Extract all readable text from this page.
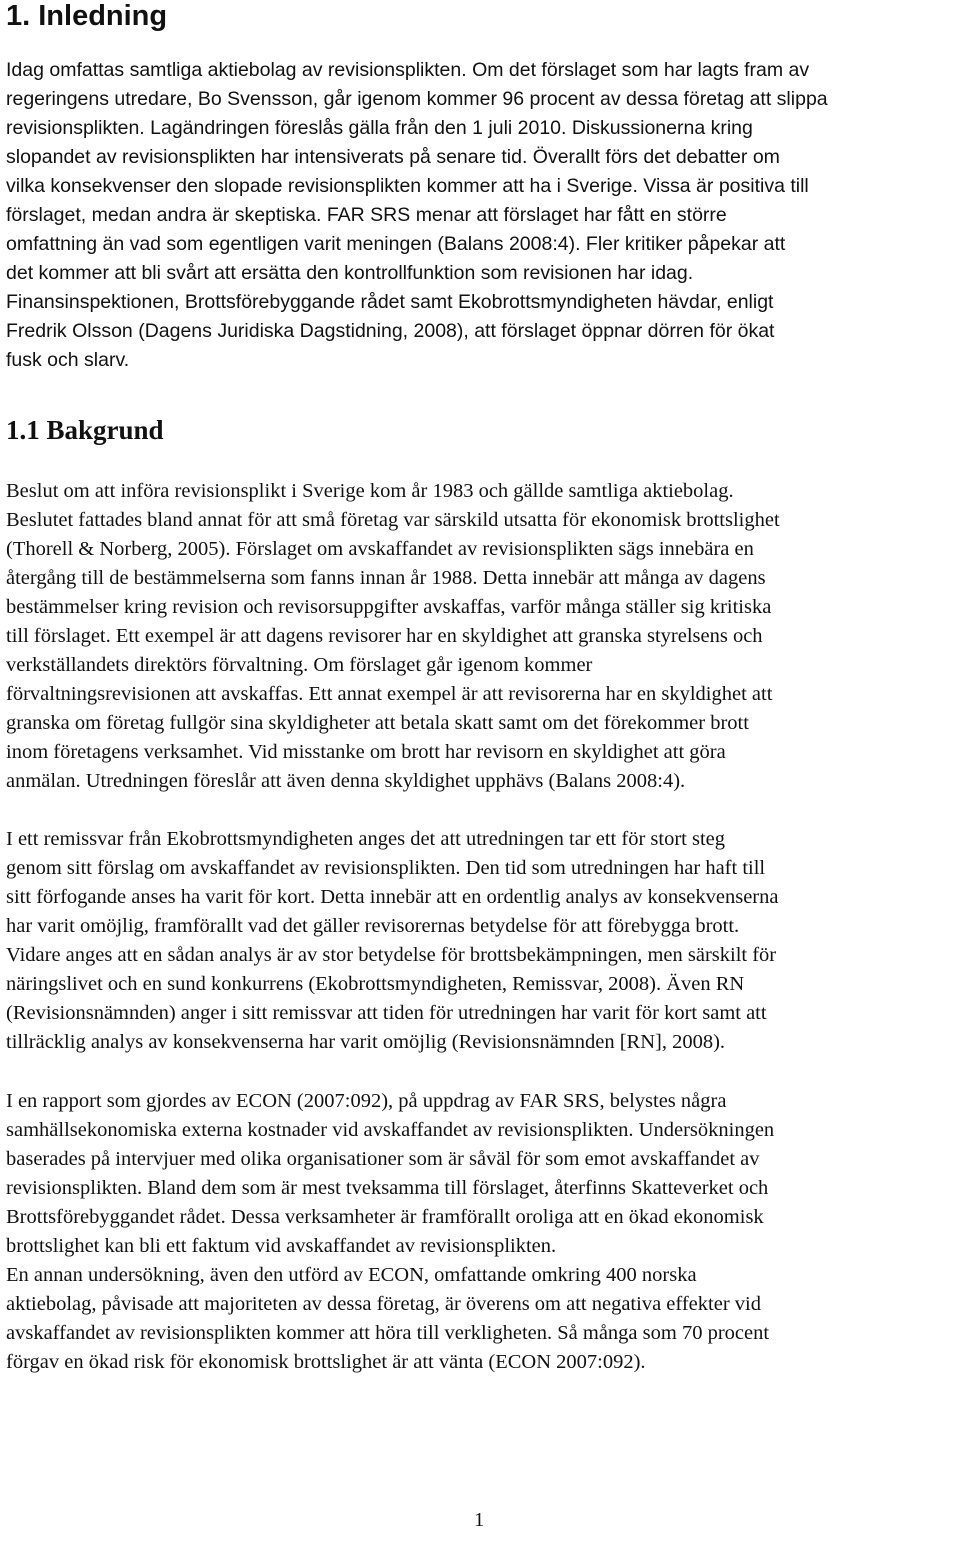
1. Inledning
Idag omfattas samtliga aktiebolag av revisionsplikten. Om det förslaget som har lagts fram av
regeringens utredare, Bo Svensson, går igenom kommer 96 procent av dessa företag att slippa
revisionsplikten. Lagändringen föreslås gälla från den 1 juli 2010. Diskussionerna kring
slopandet av revisionsplikten har intensiverats på senare tid. Överallt förs det debatter om
vilka konsekvenser den slopade revisionsplikten kommer att ha i Sverige. Vissa är positiva till
förslaget, medan andra är skeptiska. FAR SRS menar att förslaget har fått en större
omfattning än vad som egentligen varit meningen (Balans 2008:4). Fler kritiker påpekar att
det kommer att bli svårt att ersätta den kontrollfunktion som revisionen har idag.
Finansinspektionen, Brottsförebyggande rådet samt Ekobrottsmyndigheten hävdar, enligt
Fredrik Olsson (Dagens Juridiska Dagstidning, 2008), att förslaget öppnar dörren för ökat
fusk och slarv.
1.1 Bakgrund
Beslut om att införa revisionsplikt i Sverige kom år 1983 och gällde samtliga aktiebolag.
Beslutet fattades bland annat för att små företag var särskild utsatta för ekonomisk brottslighet
(Thorell & Norberg, 2005). Förslaget om avskaffandet av revisionsplikten sägs innebära en
återgång till de bestämmelserna som fanns innan år 1988. Detta innebär att många av dagens
bestämmelser kring revision och revisorsuppgifter avskaffas, varför många ställer sig kritiska
till förslaget. Ett exempel är att dagens revisorer har en skyldighet att granska styrelsens och
verkställandets direktörs förvaltning. Om förslaget går igenom kommer
förvaltningsrevisionen att avskaffas. Ett annat exempel är att revisorerna har en skyldighet att
granska om företag fullgör sina skyldigheter att betala skatt samt om det förekommer brott
inom företagens verksamhet. Vid misstanke om brott har revisorn en skyldighet att göra
anmälan. Utredningen föreslår att även denna skyldighet upphävs (Balans 2008:4).
I ett remissvar från Ekobrottsmyndigheten anges det att utredningen tar ett för stort steg
genom sitt förslag om avskaffandet av revisionsplikten. Den tid som utredningen har haft till
sitt förfogande anses ha varit för kort. Detta innebär att en ordentlig analys av konsekvenserna
har varit omöjlig, framförallt vad det gäller revisorernas betydelse för att förebygga brott.
Vidare anges att en sådan analys är av stor betydelse för brottsbekämpningen, men särskilt för
näringslivet och en sund konkurrens (Ekobrottsmyndigheten, Remissvar, 2008). Även RN
(Revisionsnämnden) anger i sitt remissvar att tiden för utredningen har varit för kort samt att
tillräcklig analys av konsekvenserna har varit omöjlig (Revisionsnämnden [RN], 2008).
I en rapport som gjordes av ECON (2007:092), på uppdrag av FAR SRS, belystes några
samhällsekonomiska externa kostnader vid avskaffandet av revisionsplikten. Undersökningen
baserades på intervjuer med olika organisationer som är såväl för som emot avskaffandet av
revisionsplikten. Bland dem som är mest tveksamma till förslaget, återfinns Skatteverket och
Brottsförebyggandet rådet. Dessa verksamheter är framförallt oroliga att en ökad ekonomisk
brottslighet kan bli ett faktum vid avskaffandet av revisionsplikten.
En annan undersökning, även den utförd av ECON, omfattande omkring 400 norska
aktiebolag, påvisade att majoriteten av dessa företag, är överens om att negativa effekter vid
avskaffandet av revisionsplikten kommer att höra till verkligheten. Så många som 70 procent
förgav en ökad risk för ekonomisk brottslighet är att vänta (ECON 2007:092).
1
